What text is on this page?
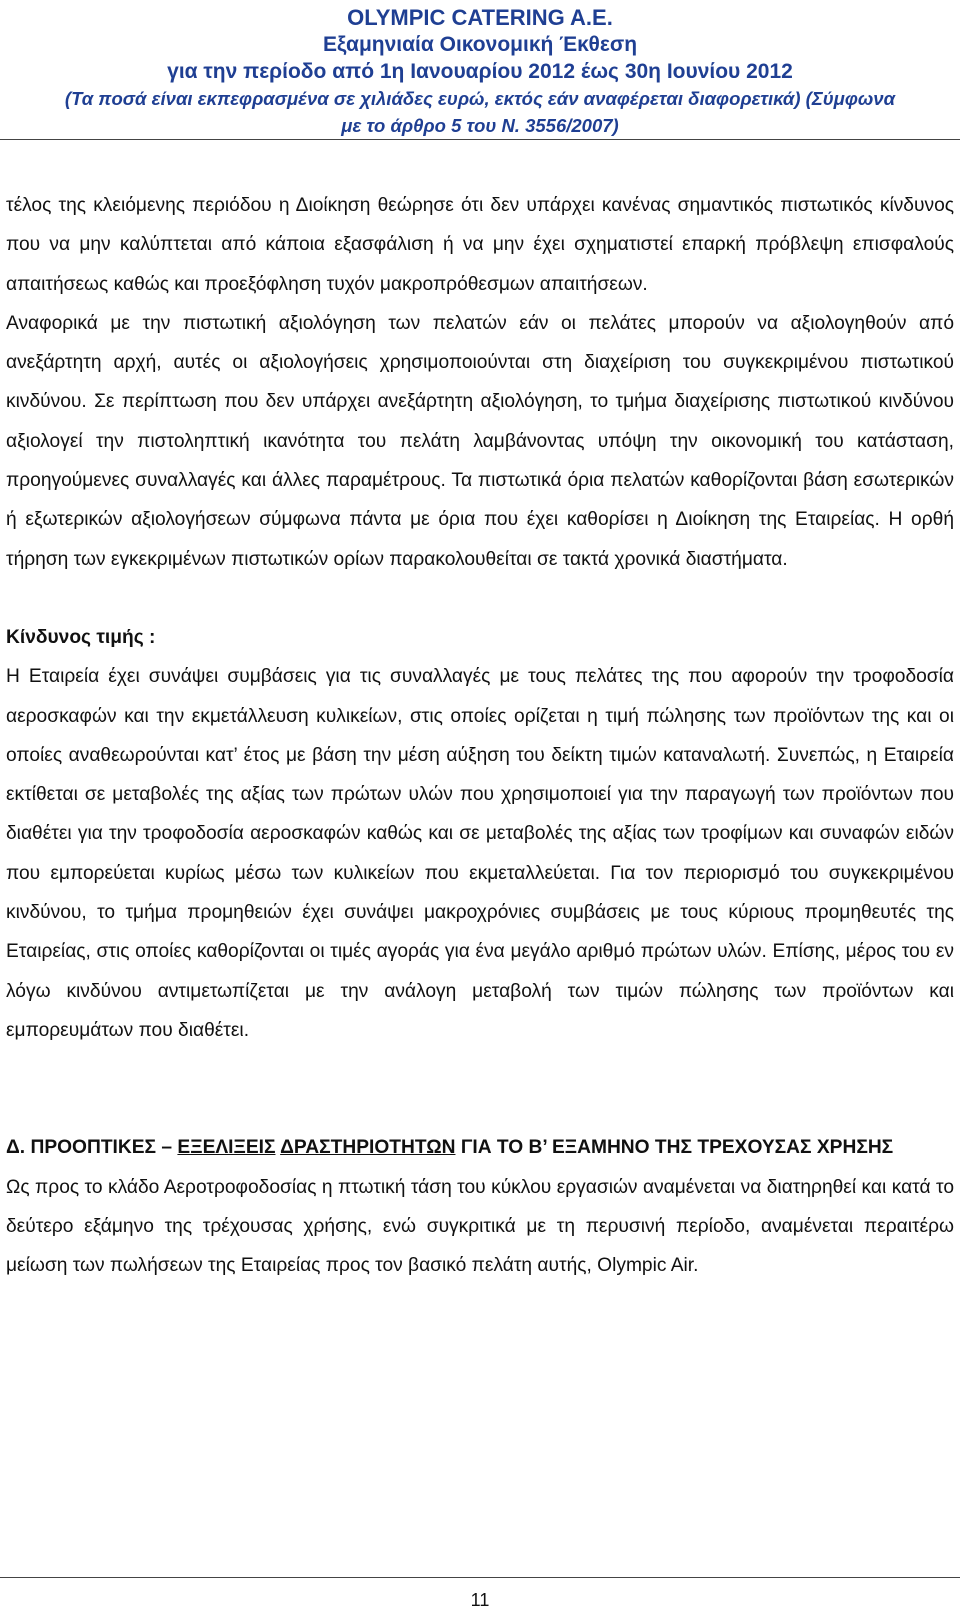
OLYMPIC CATERING A.E.
Εξαμηνιαία Οικονομική Έκθεση
για την περίοδο από 1η Ιανουαρίου 2012 έως 30η Ιουνίου 2012
(Τα ποσά είναι εκπεφρασμένα σε χιλιάδες ευρώ, εκτός εάν αναφέρεται διαφορετικά) (Σύμφωνα
με το άρθρο 5 του Ν. 3556/2007)

τέλος της κλειόμενης περιόδου η Διοίκηση θεώρησε ότι δεν υπάρχει κανένας σημαντικός πιστωτικός κίνδυνος που να μην καλύπτεται από κάποια εξασφάλιση ή να μην έχει σχηματιστεί επαρκή πρόβλεψη επισφαλούς απαιτήσεως καθώς και προεξόφληση τυχόν μακροπρόθεσμων απαιτήσεων.

Αναφορικά με την πιστωτική αξιολόγηση των πελατών εάν οι πελάτες μπορούν να αξιολογηθούν από ανεξάρτητη αρχή, αυτές οι αξιολογήσεις χρησιμοποιούνται στη διαχείριση του συγκεκριμένου πιστωτικού κινδύνου. Σε περίπτωση που δεν υπάρχει ανεξάρτητη αξιολόγηση, το τμήμα διαχείρισης πιστωτικού κινδύνου αξιολογεί την πιστοληπτική ικανότητα του πελάτη λαμβάνοντας υπόψη την οικονομική του κατάσταση, προηγούμενες συναλλαγές και άλλες παραμέτρους. Τα πιστωτικά όρια πελατών καθορίζονται βάση εσωτερικών ή εξωτερικών αξιολογήσεων σύμφωνα πάντα με όρια που έχει καθορίσει η Διοίκηση της Εταιρείας. Η ορθή τήρηση των εγκεκριμένων πιστωτικών ορίων παρακολουθείται σε τακτά χρονικά διαστήματα.

Κίνδυνος τιμής :

Η Εταιρεία έχει συνάψει συμβάσεις για τις συναλλαγές με τους πελάτες της που αφορούν την τροφοδοσία αεροσκαφών και την εκμετάλλευση κυλικείων, στις οποίες ορίζεται η τιμή πώλησης των προϊόντων της και οι οποίες αναθεωρούνται κατ’ έτος με βάση την μέση αύξηση του δείκτη τιμών καταναλωτή. Συνεπώς, η Εταιρεία εκτίθεται σε μεταβολές της αξίας των πρώτων υλών που χρησιμοποιεί για την παραγωγή των προϊόντων που διαθέτει για την τροφοδοσία αεροσκαφών καθώς και σε μεταβολές της αξίας των τροφίμων και συναφών ειδών που εμπορεύεται κυρίως μέσω των κυλικείων που εκμεταλλεύεται. Για τον περιορισμό του συγκεκριμένου κινδύνου, το τμήμα προμηθειών έχει συνάψει μακροχρόνιες συμβάσεις με τους κύριους προμηθευτές της Εταιρείας, στις οποίες καθορίζονται οι τιμές αγοράς για ένα μεγάλο αριθμό πρώτων υλών. Επίσης, μέρος του εν λόγω κινδύνου αντιμετωπίζεται με την ανάλογη μεταβολή των τιμών πώλησης των προϊόντων και εμπορευμάτων που διαθέτει.

Δ. ΠΡΟΟΠΤΙΚΕΣ – ΕΞΕΛΙΞΕΙΣ ΔΡΑΣΤΗΡΙΟΤΗΤΩΝ ΓΙΑ ΤΟ Β’ ΕΞΑΜΗΝΟ ΤΗΣ ΤΡΕΧΟΥΣΑΣ ΧΡΗΣΗΣ

Ως προς το κλάδο Αεροτροφοδοσίας η πτωτική τάση του κύκλου εργασιών αναμένεται να διατηρηθεί και κατά το δεύτερο εξάμηνο της τρέχουσας χρήσης, ενώ συγκριτικά με τη περυσινή περίοδο, αναμένεται περαιτέρω μείωση των πωλήσεων της Εταιρείας προς τον βασικό πελάτη αυτής, Olympic Air.

11
